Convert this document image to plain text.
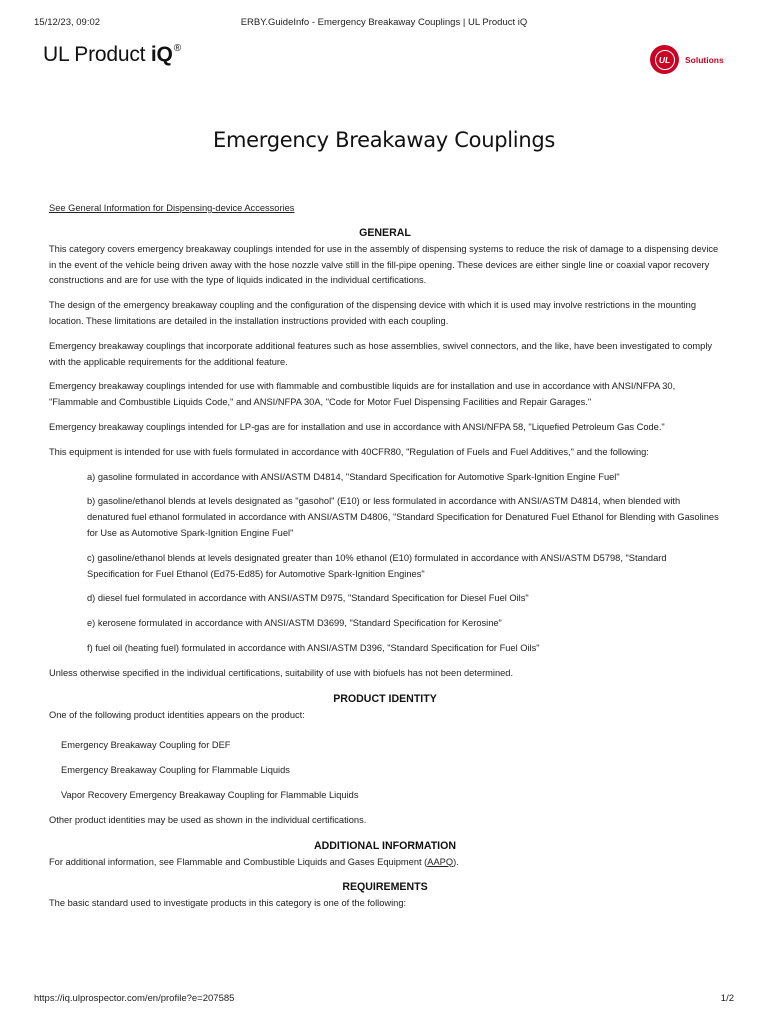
15/12/23, 09:02	ERBY.GuideInfo - Emergency Breakaway Couplings | UL Product iQ
UL Product iQ®
UL	Solutions
Emergency Breakaway Couplings
See General Information for Dispensing-device Accessories
GENERAL

This category covers emergency breakaway couplings intended for use in the assembly of dispensing systems to reduce the risk of damage to a dispensing device in the event of the vehicle being driven away with the hose nozzle valve still in the fill-pipe opening. These devices are either single line or coaxial vapor recovery constructions and are for use with the type of liquids indicated in the individual certifications.

The design of the emergency breakaway coupling and the configuration of the dispensing device with which it is used may involve restrictions in the mounting location. These limitations are detailed in the installation instructions provided with each coupling.

Emergency breakaway couplings that incorporate additional features such as hose assemblies, swivel connectors, and the like, have been investigated to comply with the applicable requirements for the additional feature.

Emergency breakaway couplings intended for use with flammable and combustible liquids are for installation and use in accordance with ANSI/NFPA 30, "Flammable and Combustible Liquids Code," and ANSI/NFPA 30A, "Code for Motor Fuel Dispensing Facilities and Repair Garages."

Emergency breakaway couplings intended for LP-gas are for installation and use in accordance with ANSI/NFPA 58, "Liquefied Petroleum Gas Code."

This equipment is intended for use with fuels formulated in accordance with 40CFR80, "Regulation of Fuels and Fuel Additives," and the following:

a) gasoline formulated in accordance with ANSI/ASTM D4814, "Standard Specification for Automotive Spark-Ignition Engine Fuel"

b) gasoline/ethanol blends at levels designated as "gasohol" (E10) or less formulated in accordance with ANSI/ASTM D4814, when blended with denatured fuel ethanol formulated in accordance with ANSI/ASTM D4806, "Standard Specification for Denatured Fuel Ethanol for Blending with Gasolines for Use as Automotive Spark-Ignition Engine Fuel"

c) gasoline/ethanol blends at levels designated greater than 10% ethanol (E10) formulated in accordance with ANSI/ASTM D5798, "Standard Specification for Fuel Ethanol (Ed75-Ed85) for Automotive Spark-Ignition Engines"

d) diesel fuel formulated in accordance with ANSI/ASTM D975, "Standard Specification for Diesel Fuel Oils"

e) kerosene formulated in accordance with ANSI/ASTM D3699, "Standard Specification for Kerosine"

f) fuel oil (heating fuel) formulated in accordance with ANSI/ASTM D396, "Standard Specification for Fuel Oils"

Unless otherwise specified in the individual certifications, suitability of use with biofuels has not been determined.

PRODUCT IDENTITY

One of the following product identities appears on the product:

Emergency Breakaway Coupling for DEF

Emergency Breakaway Coupling for Flammable Liquids

Vapor Recovery Emergency Breakaway Coupling for Flammable Liquids

Other product identities may be used as shown in the individual certifications.

ADDITIONAL INFORMATION

For additional information, see Flammable and Combustible Liquids and Gases Equipment (AAPQ).

REQUIREMENTS

The basic standard used to investigate products in this category is one of the following:

https://iq.ulprospector.com/en/profile?e=207585	1/2
